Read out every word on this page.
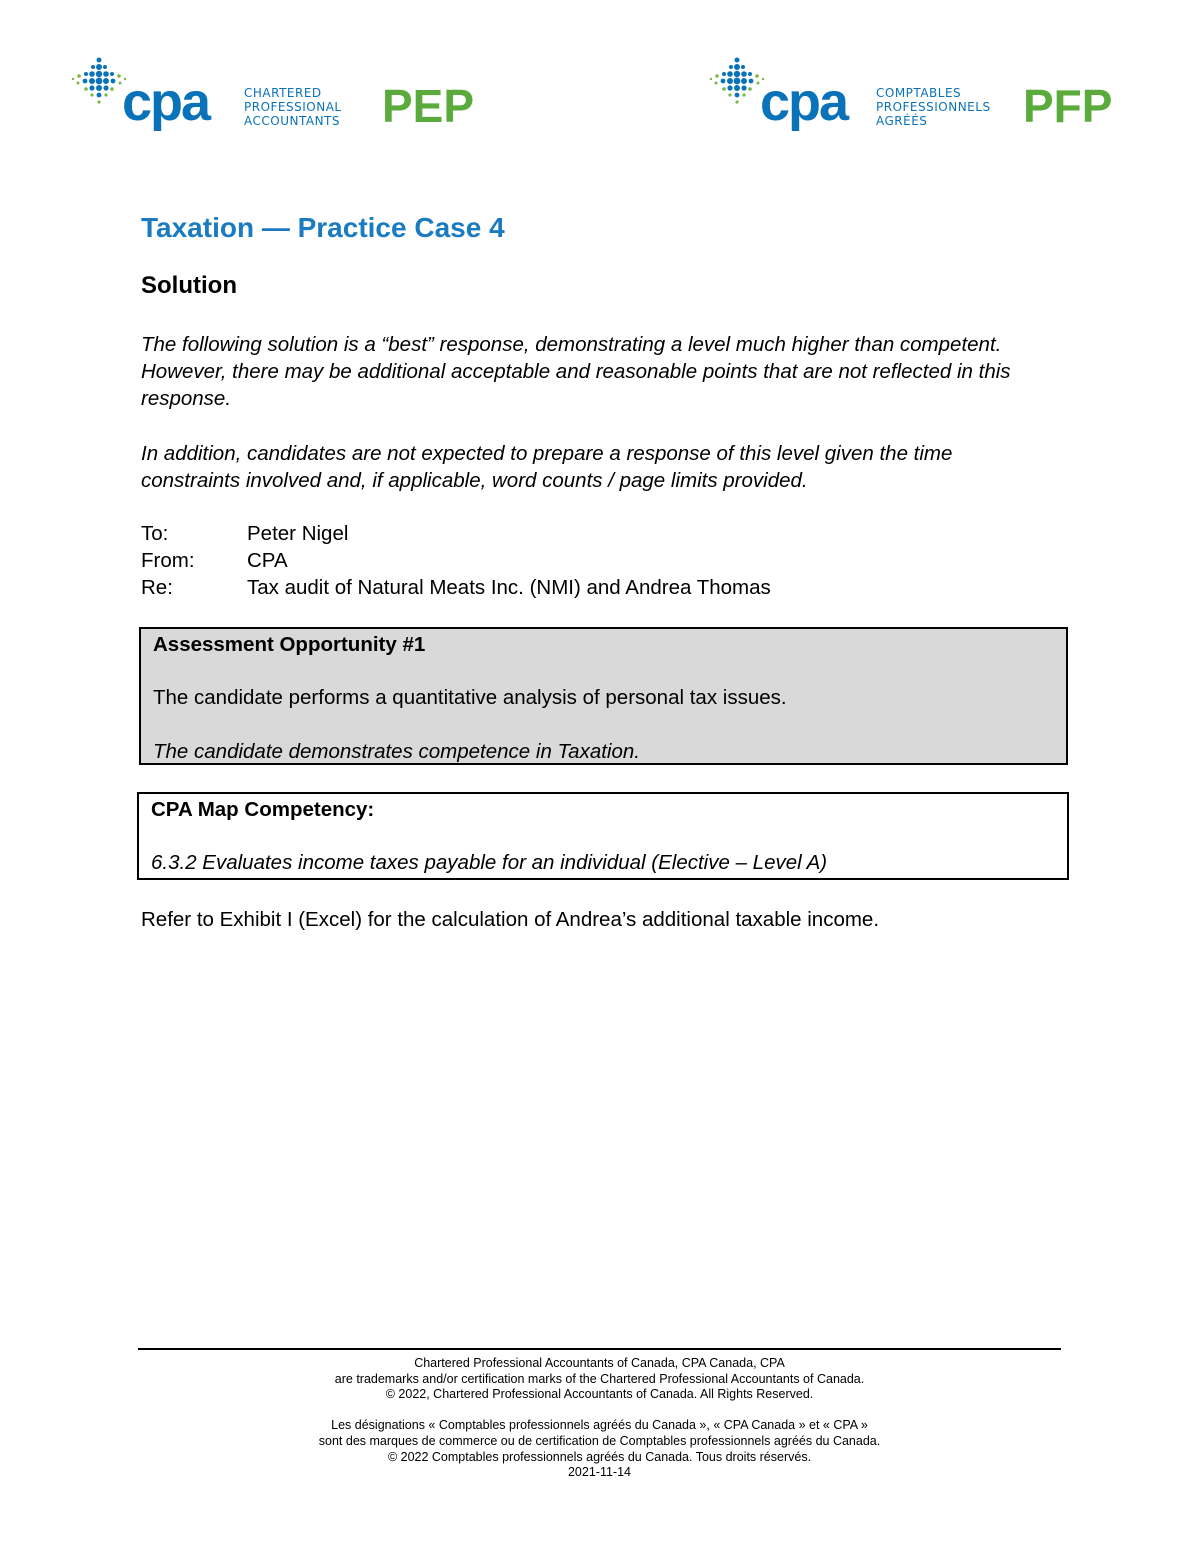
cpa	CHARTERED
PROFESSIONAL
ACCOUNTANTS PEP	cpa COMPTABLES
PROFESSIONNELS
AGRÉÉS	PFP
Taxation — Practice Case 4
Solution
The following solution is a “best” response, demonstrating a level much higher than competent. However, there may be additional acceptable and reasonable points that are not reflected in this response.
In addition, candidates are not expected to prepare a response of this level given the time constraints involved and, if applicable, word counts / page limits provided.
To:	Peter Nigel
From:	CPA
Re:	Tax audit of Natural Meats Inc. (NMI) and Andrea Thomas
Assessment Opportunity #1
The candidate performs a quantitative analysis of personal tax issues.
The candidate demonstrates competence in Taxation.
CPA Map Competency:
6.3.2 Evaluates income taxes payable for an individual (Elective – Level A)
Refer to Exhibit I (Excel) for the calculation of Andrea’s additional taxable income.
Chartered Professional Accountants of Canada, CPA Canada, CPA
are trademarks and/or certification marks of the Chartered Professional Accountants of Canada.
© 2022, Chartered Professional Accountants of Canada. All Rights Reserved.
Les désignations « Comptables professionnels agréés du Canada », « CPA Canada » et « CPA »
sont des marques de commerce ou de certification de Comptables professionnels agréés du Canada.
© 2022 Comptables professionnels agréés du Canada. Tous droits réservés.
2021-11-14
